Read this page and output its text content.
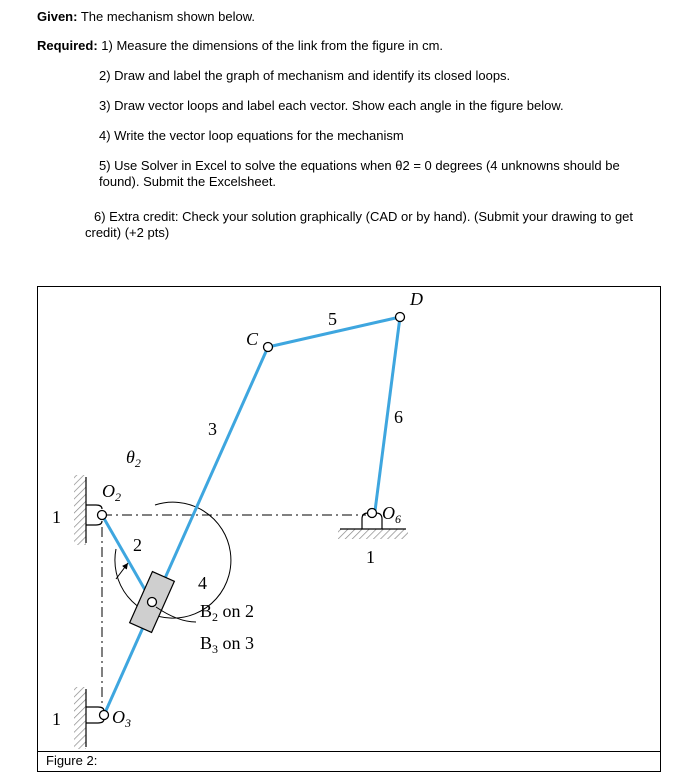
Given: The mechanism shown below.
Required: 1) Measure the dimensions of the link from the figure in cm.
2) Draw and label the graph of mechanism and identify its closed loops.
3) Draw vector loops and label each vector. Show each angle in the figure below.
4) Write the vector loop equations for the mechanism
5) Use Solver in Excel to solve the equations when θ2 = 0 degrees (4 unknowns should be found). Submit the Excelsheet.
6) Extra credit: Check your solution graphically (CAD or by hand). (Submit your drawing to get credit) (+2 pts)
D
C
5
6
3
4
2
$\theta_2$
$O_2$
$O_6$
$O_3$
1
1
1
$B_2$ on 2
$B_3$ on 3
Figure 2:
